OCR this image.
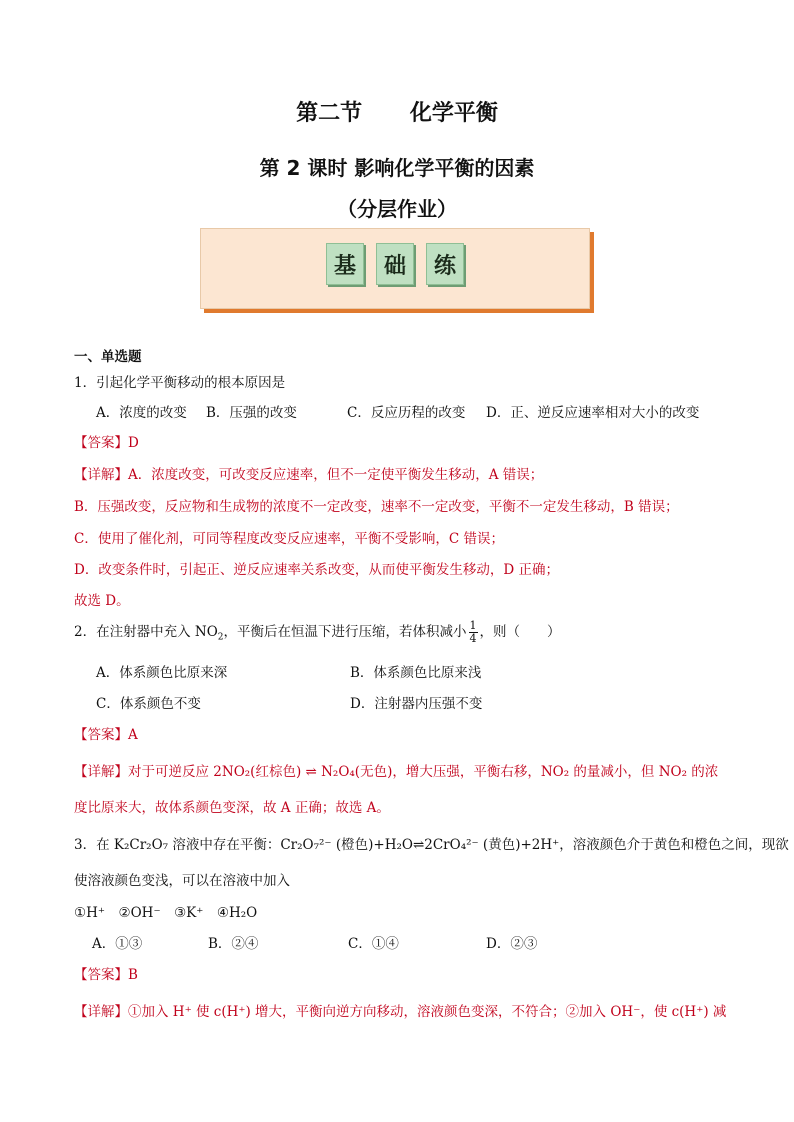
第二节 化学平衡
第 2 课时 影响化学平衡的因素
（分层作业）
基	础	练
一、单选题
1．引起化学平衡移动的根本原因是
A．浓度的改变 B．压强的改变	C．反应历程的改变 D．正、逆反应速率相对大小的改变
【答案】D
【详解】A．浓度改变，可改变反应速率，但不一定使平衡发生移动，A 错误；
B．压强改变，反应物和生成物的浓度不一定改变，速率不一定改变，平衡不一定发生移动，B 错误；
C．使用了催化剂，可同等程度改变反应速率，平衡不受影响，C 错误；
D．改变条件时，引起正、逆反应速率关系改变，从而使平衡发生移动，D 正确；
故选 D。
2．在注射器中充入 $NO_2$，平衡后在恒温下进行压缩，若体积减小 $\frac{1}{4}$ ，则（　　）
A．体系颜色比原来深	B．体系颜色比原来浅
C．体系颜色不变	D．注射器内压强不变
【答案】A
【详解】对于可逆反应 2NO₂(红棕色) ⇌ N₂O₄(无色)，增大压强，平衡右移，NO₂ 的量减小，但 NO₂ 的浓
度比原来大，故体系颜色变深，故 A 正确；故选 A。
3．在 K₂Cr₂O₇ 溶液中存在平衡：Cr₂O₇²⁻ (橙色)+H₂O⇌2CrO₄²⁻ (黄色)+2H⁺，溶液颜色介于黄色和橙色之间，现欲
使溶液颜色变浅，可以在溶液中加入
①H⁺　②OH⁻　③K⁺　④H₂O
A．①③	B．②④	C．①④	D．②③
【答案】B
【详解】①加入 H⁺ 使 c(H⁺) 增大，平衡向逆方向移动，溶液颜色变深，不符合；②加入 OH⁻，使 c(H⁺) 减
